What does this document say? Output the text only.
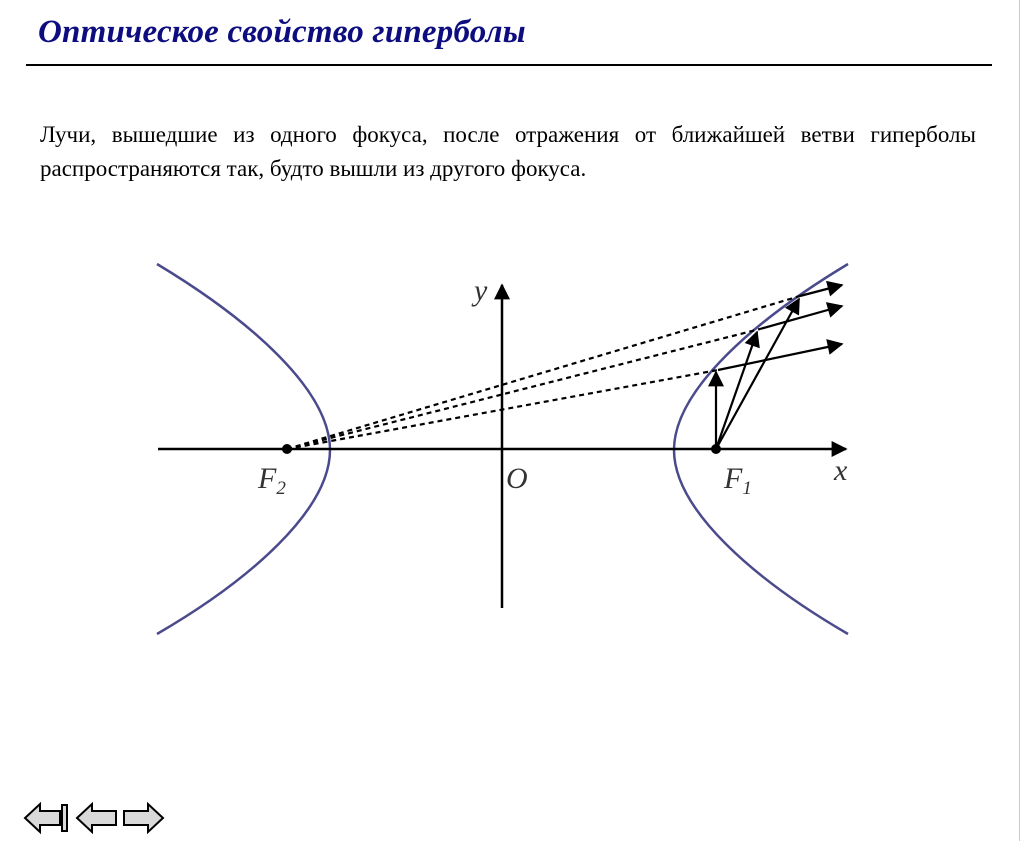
Оптическое свойство гиперболы
Лучи, вышедшие из одного фокуса, после отражения от ближайшей ветви гиперболы распространяются так, будто вышли из другого фокуса.
y
x
O
$F_2$	$F_1$
